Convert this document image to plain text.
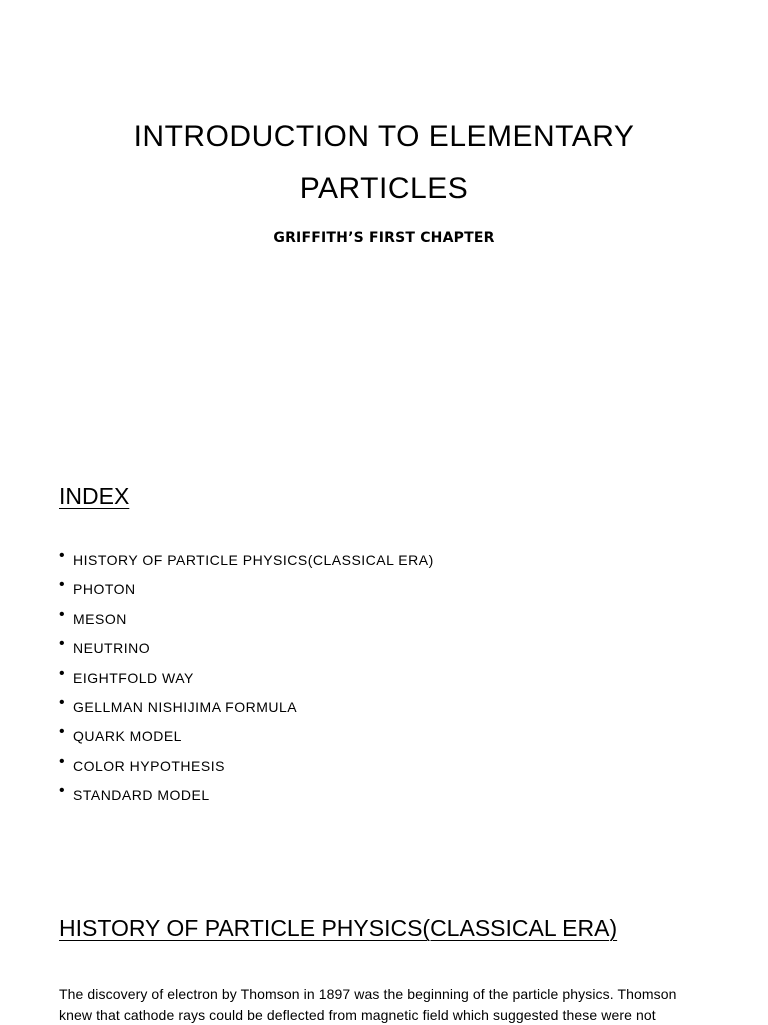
INTRODUCTION TO ELEMENTARY
PARTICLES
GRIFFITH’S FIRST CHAPTER
INDEX
• HISTORY OF PARTICLE PHYSICS(CLASSICAL ERA)
• PHOTON
• MESON
• NEUTRINO
• EIGHTFOLD WAY
• GELLMAN NISHIJIMA FORMULA
• QUARK MODEL
• COLOR HYPOTHESIS
• STANDARD MODEL
HISTORY OF PARTICLE PHYSICS(CLASSICAL ERA)

The discovery of electron by Thomson in 1897 was the beginning of the particle physics. Thomson
knew that cathode rays could be deflected from magnetic field which suggested these were not
